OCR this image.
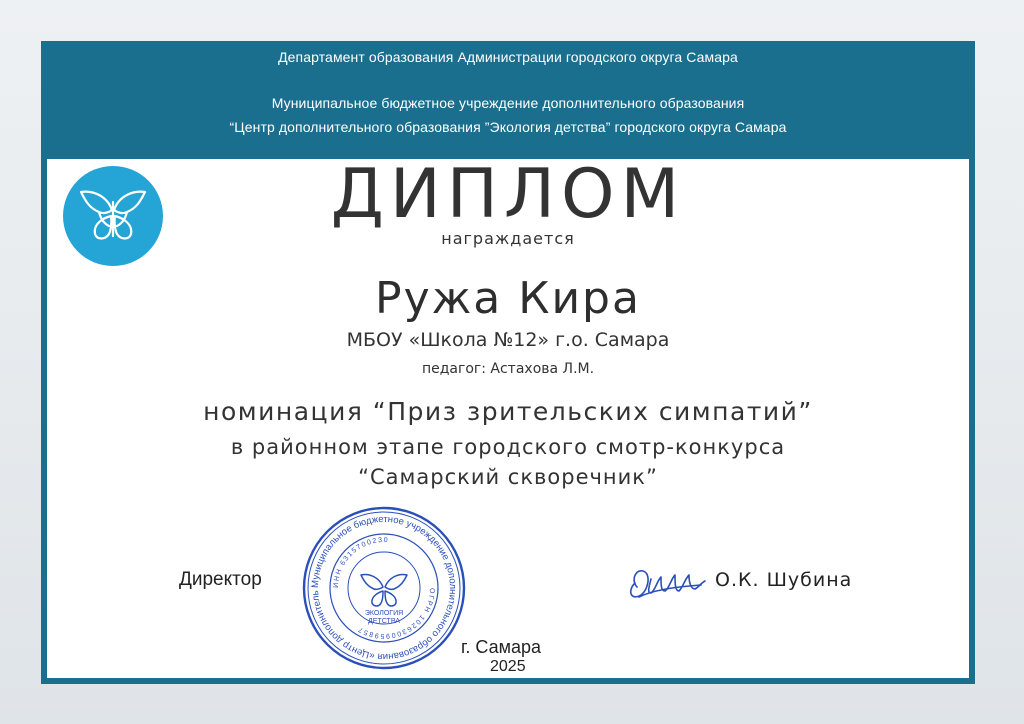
Департамент образования Администрации городского округа Самара
Муниципальное бюджетное учреждение дополнительного образования
“Центр дополнительного образования ”Экология детства” городского округа Самара
ДИПЛОМ
награждается
Ружа Кира
МБОУ «Школа №12» г.о. Самара
педагог: Астахова Л.М.
номинация “Приз зрительских симпатий”
в районном этапе городского смотр-конкурса
“Самарский скворечник”
Директор	Муниципальное бюджетное учреждение дополнительного образования «Центр дополнитель
ИНН 6315700230
ОГРН 1026300959857
ЭКОЛОГИЯ
ДЕТСТВА
О.К. Шубина
г. Самара
2025
